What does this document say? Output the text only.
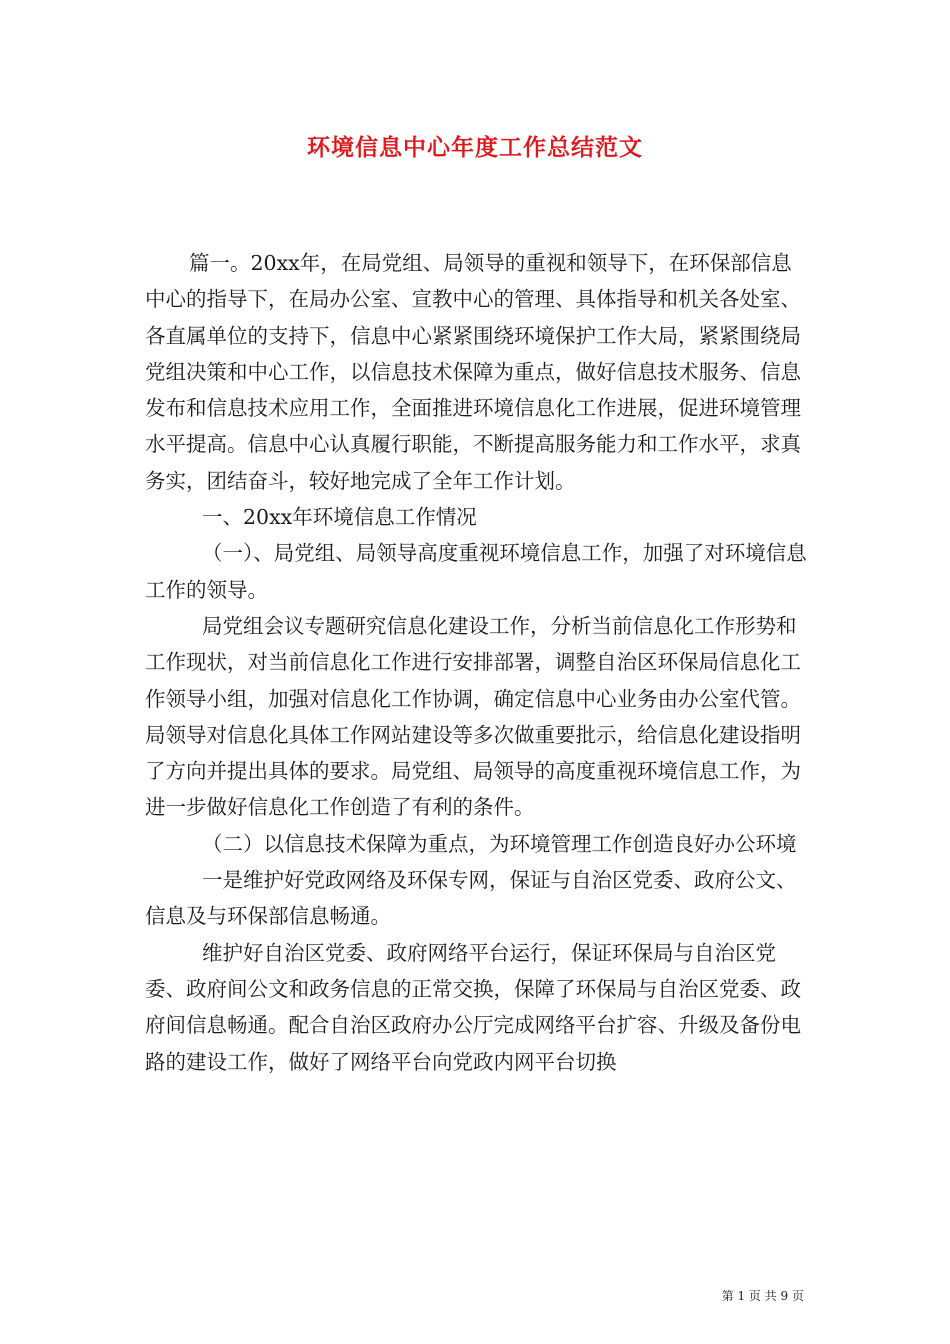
环境信息中心年度工作总结范文

篇一。20xx年，在局党组、局领导的重视和领导下，在环保部信息中心的指导下，在局办公室、宣教中心的管理、具体指导和机关各处室、各直属单位的支持下，信息中心紧紧围绕环境保护工作大局，紧紧围绕局党组决策和中心工作，以信息技术保障为重点，做好信息技术服务、信息发布和信息技术应用工作，全面推进环境信息化工作进展，促进环境管理水平提高。信息中心认真履行职能，不断提高服务能力和工作水平，求真务实，团结奋斗，较好地完成了全年工作计划。

一、20xx年环境信息工作情况

（一）、局党组、局领导高度重视环境信息工作，加强了对环境信息工作的领导。

局党组会议专题研究信息化建设工作，分析当前信息化工作形势和工作现状，对当前信息化工作进行安排部署，调整自治区环保局信息化工作领导小组，加强对信息化工作协调，确定信息中心业务由办公室代管。局领导对信息化具体工作网站建设等多次做重要批示，给信息化建设指明了方向并提出具体的要求。局党组、局领导的高度重视环境信息工作，为进一步做好信息化工作创造了有利的条件。

（二）以信息技术保障为重点，为环境管理工作创造良好办公环境

一是维护好党政网络及环保专网，保证与自治区党委、政府公文、信息及与环保部信息畅通。

维护好自治区党委、政府网络平台运行，保证环保局与自治区党委、政府间公文和政务信息的正常交换，保障了环保局与自治区党委、政府间信息畅通。配合自治区政府办公厅完成网络平台扩容、升级及备份电路的建设工作，做好了网络平台向党政内网平台切换

第 1 页 共 9 页
